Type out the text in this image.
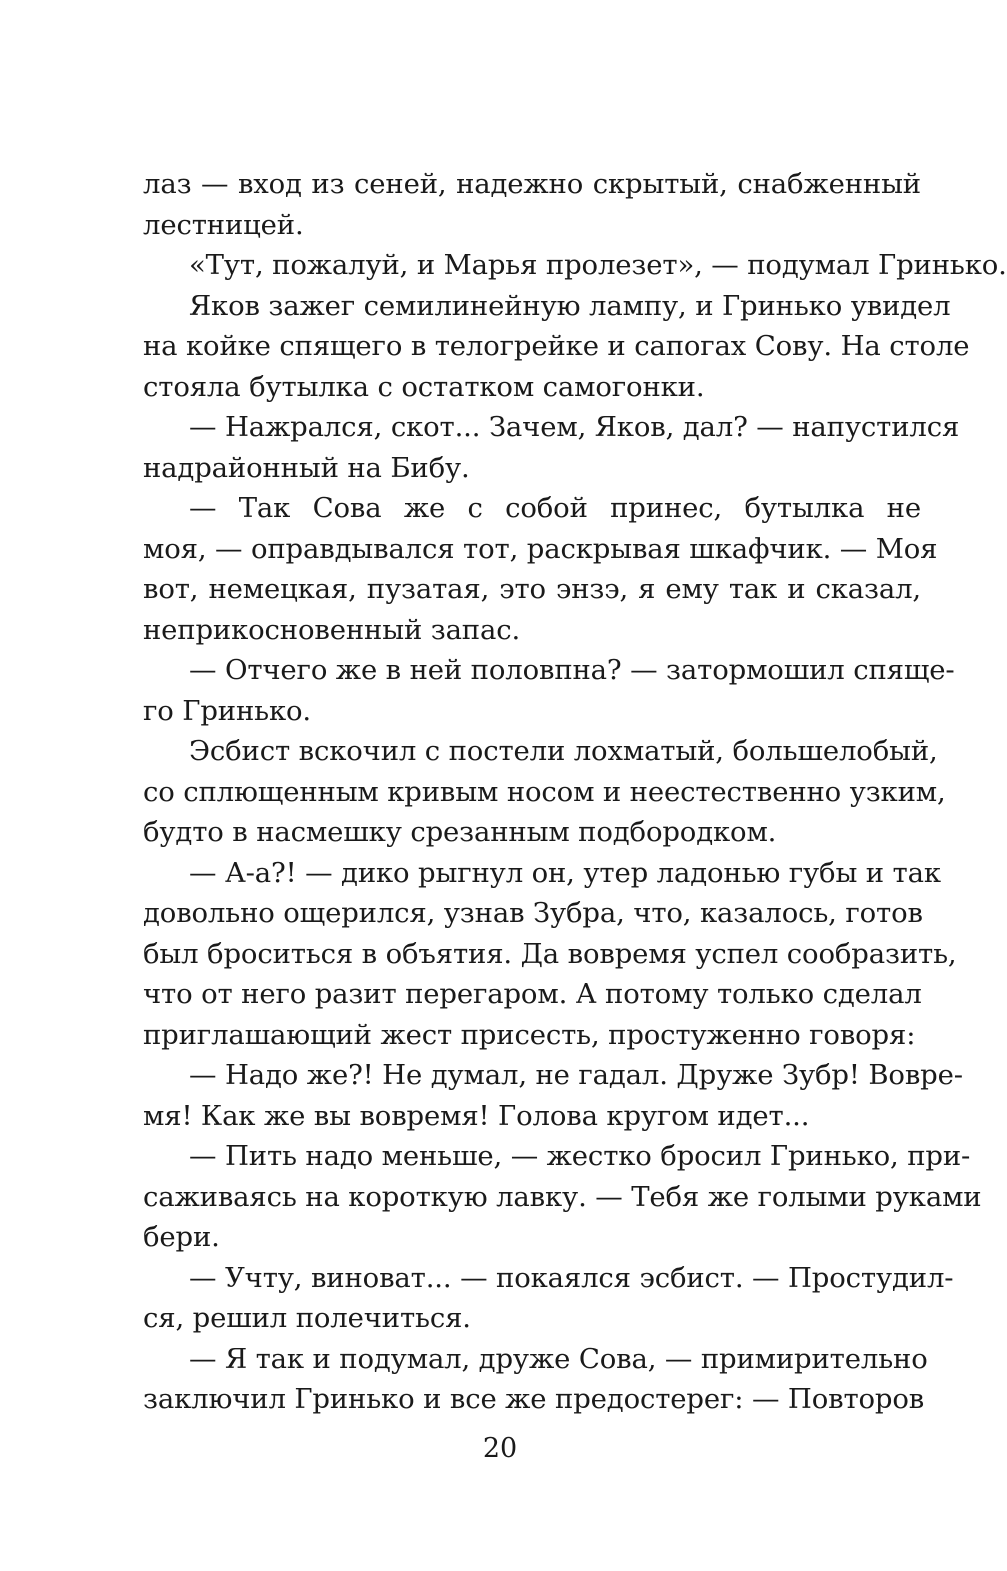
лаз — вход из сеней, надежно скрытый, снабженный
лестницей.
«Тут, пожалуй, и Марья пролезет», — подумал Гринько.
Яков зажег семилинейную лампу, и Гринько увидел
на койке спящего в телогрейке и сапогах Сову. На столе
стояла бутылка с остатком самогонки.
— Нажрался, скот... Зачем, Яков, дал? — напустился
надрайонный на Бибу.
— Так Сова же с собой принес, бутылка не
моя, — оправдывался тот, раскрывая шкафчик. — Моя
вот, немецкая, пузатая, это энзэ, я ему так и сказал,
неприкосновенный запас.
— Отчего же в ней половпна? — затормошил спяще-
го Гринько.
Эсбист вскочил с постели лохматый, большелобый,
со сплющенным кривым носом и неестественно узким,
будто в насмешку срезанным подбородком.
— А-а?! — дико рыгнул он, утер ладонью губы и так
довольно ощерился, узнав Зубра, что, казалось, готов
был броситься в объятия. Да вовремя успел сообразить,
что от него разит перегаром. А потому только сделал
приглашающий жест присесть, простуженно говоря:
— Надо же?! Не думал, не гадал. Друже Зубр! Вовре-
мя! Как же вы вовремя! Голова кругом идет...
— Пить надо меньше, — жестко бросил Гринько, при-
саживаясь на короткую лавку. — Тебя же голыми руками
бери.
— Учту, виноват... — покаялся эсбист. — Простудил-
ся, решил полечиться.
— Я так и подумал, друже Сова, — примирительно
заключил Гринько и все же предостерег: — Повторов
20
